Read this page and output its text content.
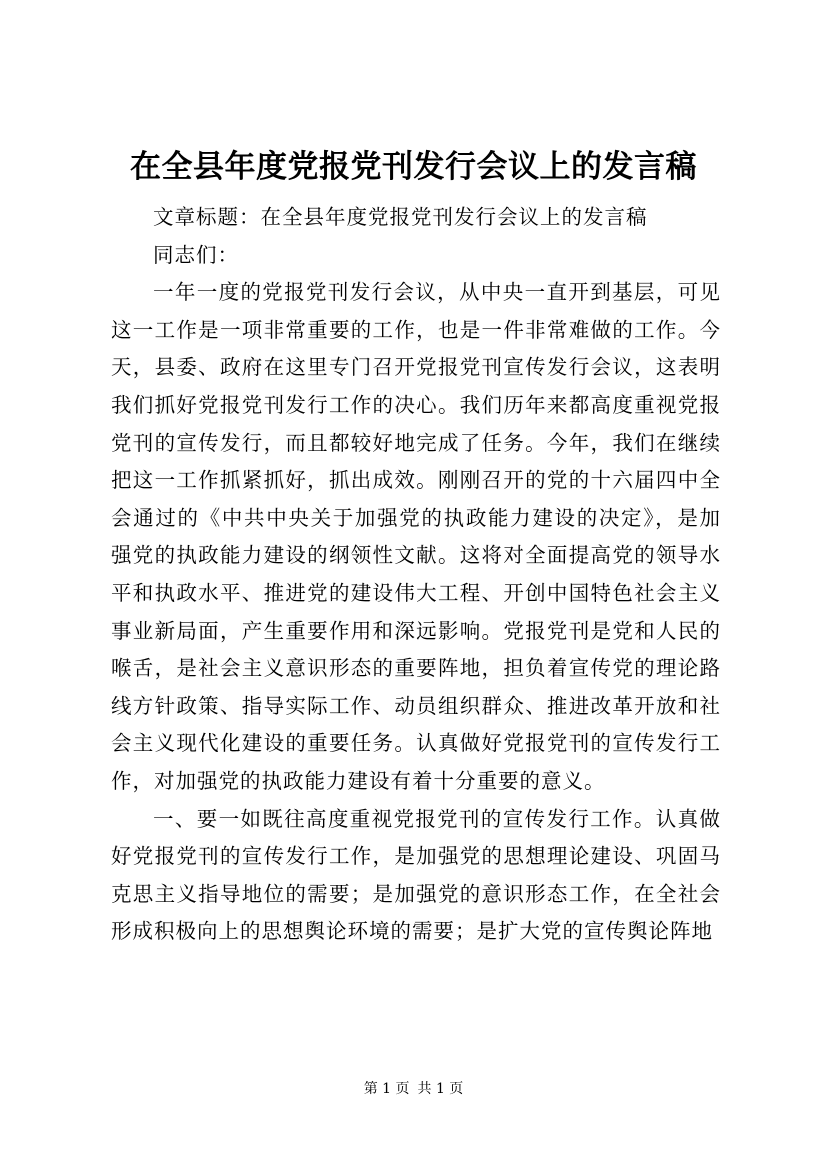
在全县年度党报党刊发行会议上的发言稿

文章标题：在全县年度党报党刊发行会议上的发言稿

同志们：

一年一度的党报党刊发行会议，从中央一直开到基层，可见这一工作是一项非常重要的工作，也是一件非常难做的工作。今天，县委、政府在这里专门召开党报党刊宣传发行会议，这表明我们抓好党报党刊发行工作的决心。我们历年来都高度重视党报党刊的宣传发行，而且都较好地完成了任务。今年，我们在继续把这一工作抓紧抓好，抓出成效。刚刚召开的党的十六届四中全会通过的《中共中央关于加强党的执政能力建设的决定》，是加强党的执政能力建设的纲领性文献。这将对全面提高党的领导水平和执政水平、推进党的建设伟大工程、开创中国特色社会主义事业新局面，产生重要作用和深远影响。党报党刊是党和人民的喉舌，是社会主义意识形态的重要阵地，担负着宣传党的理论路线方针政策、指导实际工作、动员组织群众、推进改革开放和社会主义现代化建设的重要任务。认真做好党报党刊的宣传发行工作，对加强党的执政能力建设有着十分重要的意义。

一、要一如既往高度重视党报党刊的宣传发行工作。认真做好党报党刊的宣传发行工作，是加强党的思想理论建设、巩固马克思主义指导地位的需要；是加强党的意识形态工作，在全社会形成积极向上的思想舆论环境的需要；是扩大党的宣传舆论阵地

第 1 页 共 1 页
